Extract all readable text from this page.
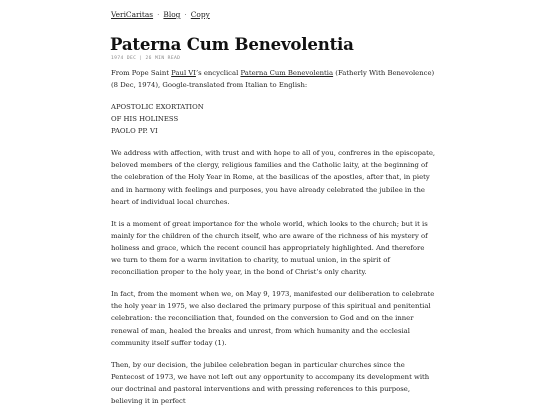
VeriCaritas · Blog · Copy
Paterna Cum Benevolentia
1974 DEC | 26 MIN READ

From Pope Saint Paul VI’s encyclical Paterna Cum Benevolentia (Fatherly With Benevolence) (8 Dec, 1974), Google-translated from Italian to English:

APOSTOLIC EXORTATION
OF HIS HOLINESS
PAOLO PP. VI

We address with affection, with trust and with hope to all of you, confreres in the episcopate, beloved members of the clergy, religious families and the Catholic laity, at the beginning of the celebration of the Holy Year in Rome, at the basilicas of the apostles, after that, in piety and in harmony with feelings and purposes, you have already celebrated the jubilee in the heart of individual local churches.

It is a moment of great importance for the whole world, which looks to the church; but it is mainly for the children of the church itself, who are aware of the richness of his mystery of holiness and grace, which the recent council has appropriately highlighted. And therefore we turn to them for a warm invitation to charity, to mutual union, in the spirit of reconciliation proper to the holy year, in the bond of Christ’s only charity.

In fact, from the moment when we, on May 9, 1973, manifested our deliberation to celebrate the holy year in 1975, we also declared the primary purpose of this spiritual and penitential celebration: the reconciliation that, founded on the conversion to God and on the inner renewal of man, healed the breaks and unrest, from which humanity and the ecclesial community itself suffer today (1).

Then, by our decision, the jubilee celebration began in particular churches since the Pentecost of 1973, we have not left out any opportunity to accompany its development with our doctrinal and pastoral interventions and with pressing references to this purpose, believing it in perfect
